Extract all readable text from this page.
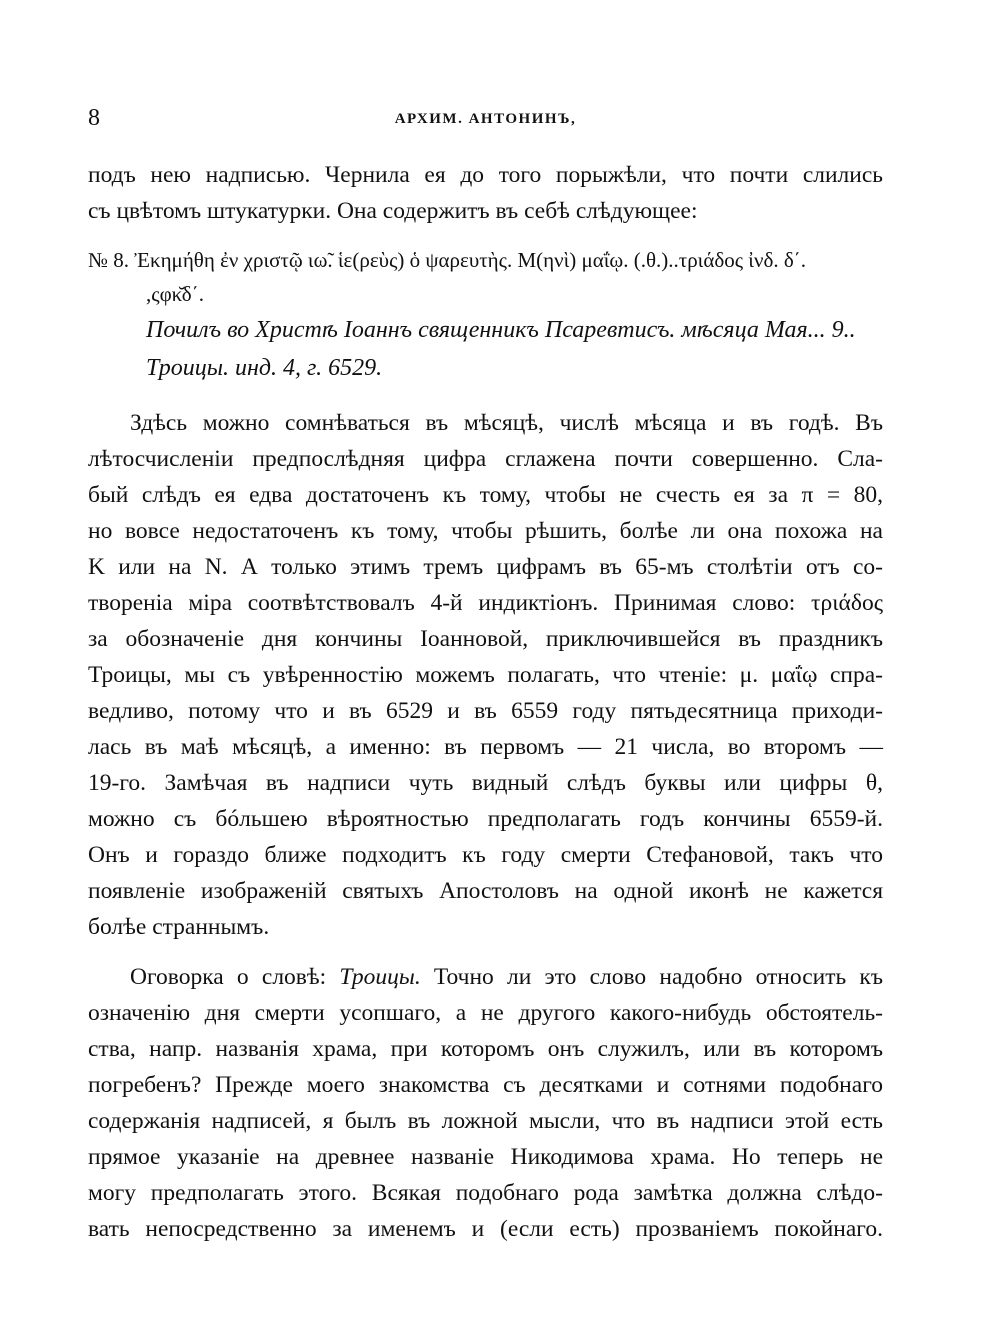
8	АРХИМ. АНТОНИНЪ,
подъ нею надписью. Чернила ея до того порыжѣли, что почти слились
съ цвѣтомъ штукатурки. Она содержитъ въ себѣ слѣдующее:
№ 8. Ἐκημήθη ἐν χριστῷ ιω̃. ἱε(ρεὺς) ὁ ψαρευτὴς. Μ(ηνὶ) μαΐῳ. (.θ.)..τριάδος ἰνδ. δ΄.
,ςφκ̆δ΄.
Почилъ во Христѣ Іоаннъ священникъ Псаревтисъ. мѣсяца Мая... 9..
Троицы. инд. 4, г. 6529.
Здѣсь можно сомнѣваться въ мѣсяцѣ, числѣ мѣсяца и въ годѣ. Въ
лѣтосчисленіи предпослѣдняя цифра сглажена почти совершенно. Сла-
бый слѣдъ ея едва достаточенъ къ тому, чтобы не счесть ея за π = 80,
но вовсе недостаточенъ къ тому, чтобы рѣшить, болѣе ли она похожа на
K или на N. А только этимъ тремъ цифрамъ въ 65-мъ столѣтіи отъ со-
твореніа міра соотвѣтствовалъ 4-й индиктіонъ. Принимая слово: τριάδος
за обозначеніе дня кончины Іоанновой, приключившейся въ праздникъ
Троицы, мы съ увѣренностію можемъ полагать, что чтеніе: μ. μαΐῳ спра-
ведливо, потому что и въ 6529 и въ 6559 году пятьдесятница приходи-
лась въ маѣ мѣсяцѣ, а именно: въ первомъ — 21 числа, во второмъ —
19-го. Замѣчая въ надписи чуть видный слѣдъ буквы или цифры θ,
можно съ бóльшею вѣроятностью предполагать годъ кончины 6559-й.
Онъ и гораздо ближе подходитъ къ году смерти Стефановой, такъ что
появленіе изображеній святыхъ Апостоловъ на одной иконѣ не кажется
болѣе страннымъ.
Оговорка о словѣ: Троицы. Точно ли это слово надобно относить къ
означенію дня смерти усопшаго, а не другого какого-нибудь обстоятель-
ства, напр. названія храма, при которомъ онъ служилъ, или въ которомъ
погребенъ? Прежде моего знакомства съ десятками и сотнями подобнаго
содержанія надписей, я былъ въ ложной мысли, что въ надписи этой есть
прямое указаніе на древнее названіе Никодимова храма. Но теперь не
могу предполагать этого. Всякая подобнаго рода замѣтка должна слѣдо-
вать непосредственно за именемъ и (если есть) прозваніемъ покойнаго.
